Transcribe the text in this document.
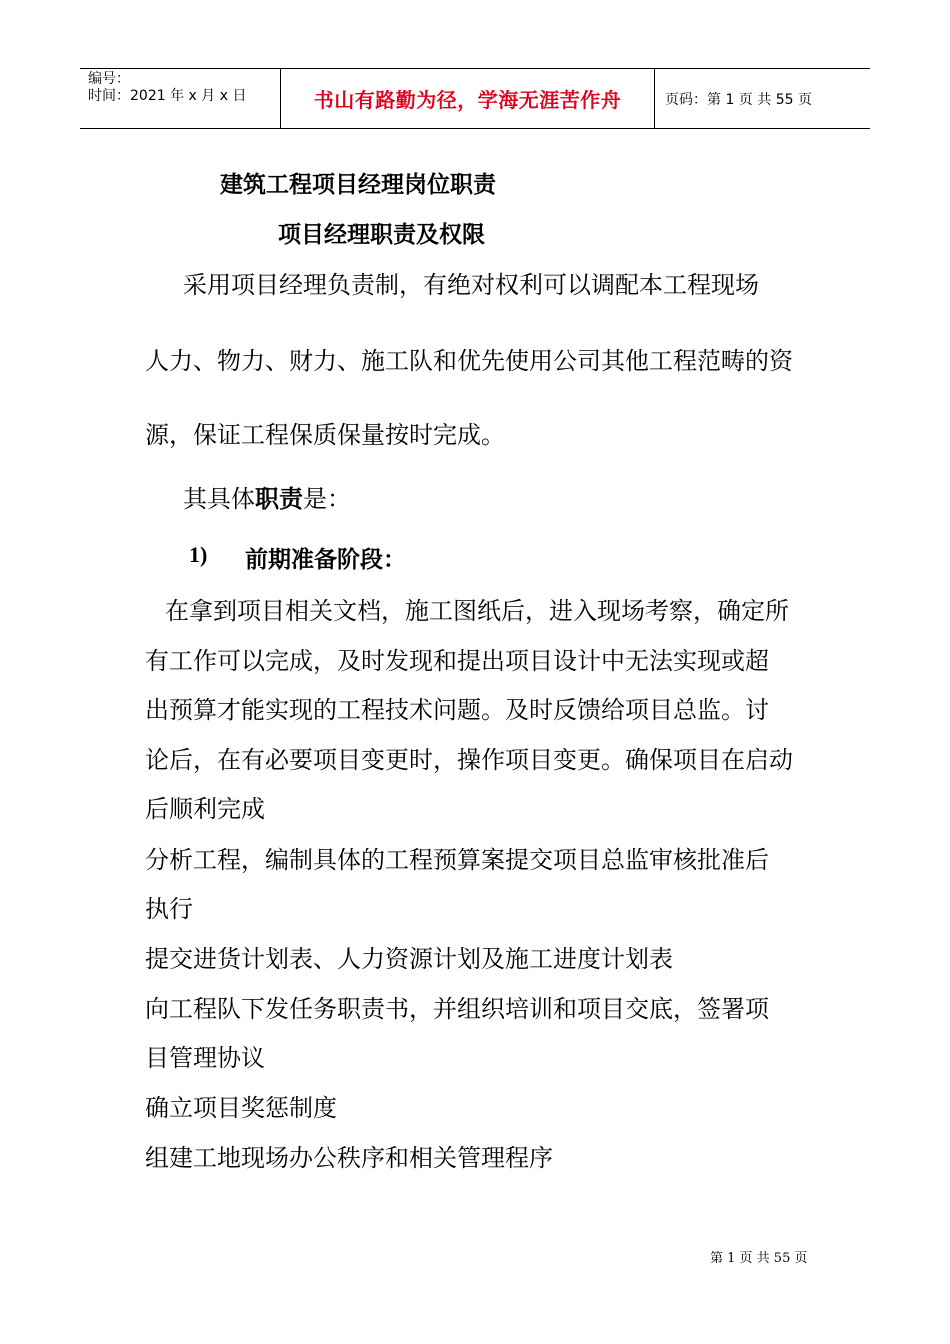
编号：
时间：2021 年 x 月 x 日	书山有路勤为径，学海无涯苦作舟	页码：第 1 页 共 55 页
建筑工程项目经理岗位职责
项目经理职责及权限
采用项目经理负责制，有绝对权利可以调配本工程现场
人力、物力、财力、施工队和优先使用公司其他工程范畴的资
源，保证工程保质保量按时完成。
其具体职责是：
1) 前期准备阶段：
在拿到项目相关文档，施工图纸后，进入现场考察，确定所
有工作可以完成，及时发现和提出项目设计中无法实现或超
出预算才能实现的工程技术问题。及时反馈给项目总监。讨
论后，在有必要项目变更时，操作项目变更。确保项目在启动
后顺利完成
分析工程，编制具体的工程预算案提交项目总监审核批准后
执行
提交进货计划表、人力资源计划及施工进度计划表
向工程队下发任务职责书，并组织培训和项目交底，签署项
目管理协议
确立项目奖惩制度
组建工地现场办公秩序和相关管理程序
第 1 页 共 55 页
